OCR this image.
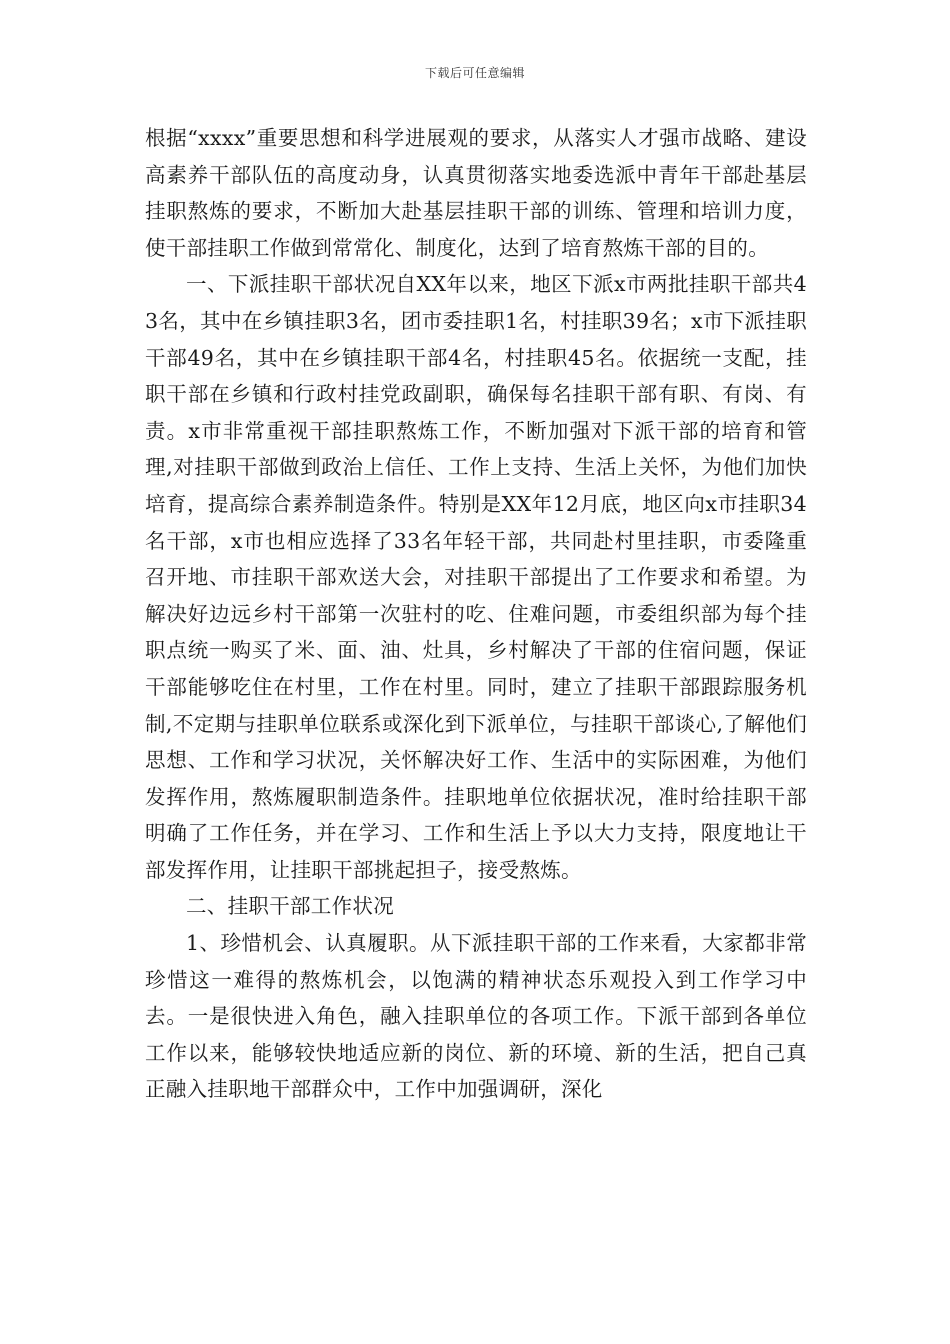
下载后可任意编辑

根据“xxxx”重要思想和科学进展观的要求，从落实人才强市战略、建设高素养干部队伍的高度动身，认真贯彻落实地委选派中青年干部赴基层挂职熬炼的要求，不断加大赴基层挂职干部的训练、管理和培训力度，使干部挂职工作做到常常化、制度化，达到了培育熬炼干部的目的。

一、下派挂职干部状况自XX年以来，地区下派x市两批挂职干部共43名，其中在乡镇挂职3名，团市委挂职1名，村挂职39名；x市下派挂职干部49名，其中在乡镇挂职干部4名，村挂职45名。依据统一支配，挂职干部在乡镇和行政村挂党政副职，确保每名挂职干部有职、有岗、有责。x市非常重视干部挂职熬炼工作，不断加强对下派干部的培育和管理,对挂职干部做到政治上信任、工作上支持、生活上关怀，为他们加快培育，提高综合素养制造条件。特别是XX年12月底，地区向x市挂职34名干部，x市也相应选择了33名年轻干部，共同赴村里挂职，市委隆重召开地、市挂职干部欢送大会，对挂职干部提出了工作要求和希望。为解决好边远乡村干部第一次驻村的吃、住难问题，市委组织部为每个挂职点统一购买了米、面、油、灶具，乡村解决了干部的住宿问题，保证干部能够吃住在村里，工作在村里。同时，建立了挂职干部跟踪服务机制,不定期与挂职单位联系或深化到下派单位，与挂职干部谈心,了解他们思想、工作和学习状况，关怀解决好工作、生活中的实际困难，为他们发挥作用，熬炼履职制造条件。挂职地单位依据状况，准时给挂职干部明确了工作任务，并在学习、工作和生活上予以大力支持，限度地让干部发挥作用，让挂职干部挑起担子，接受熬炼。

二、挂职干部工作状况

1、珍惜机会、认真履职。从下派挂职干部的工作来看，大家都非常珍惜这一难得的熬炼机会，以饱满的精神状态乐观投入到工作学习中去。一是很快进入角色，融入挂职单位的各项工作。下派干部到各单位工作以来，能够较快地适应新的岗位、新的环境、新的生活，把自己真正融入挂职地干部群众中，工作中加强调研，深化
